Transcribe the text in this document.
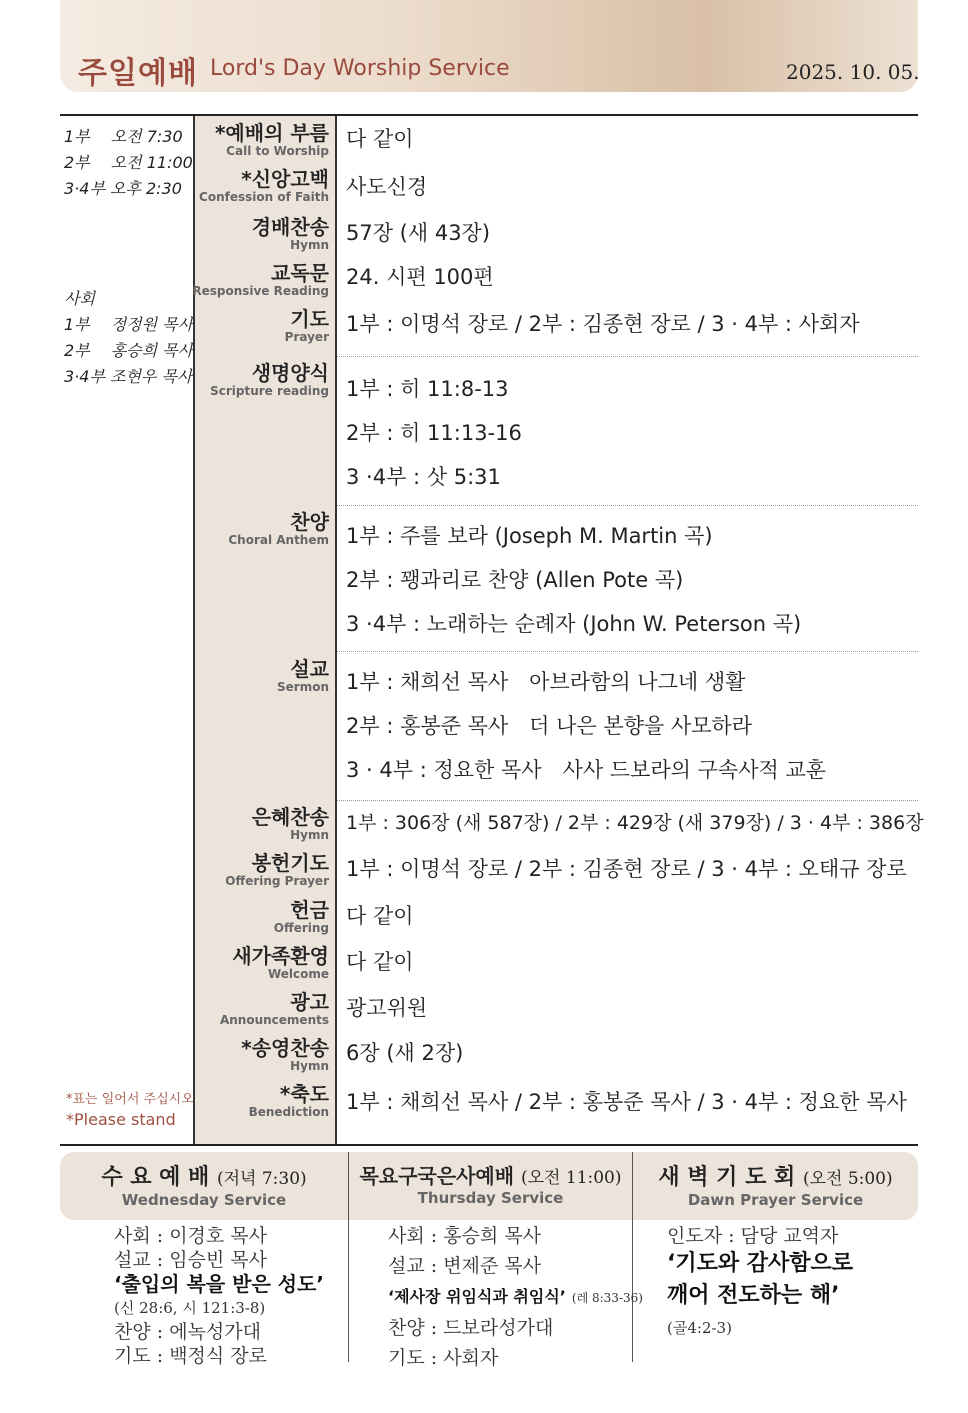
주일예배 Lord's Day Worship Service	2025. 10. 05.
1부　 오전 7:30
2부　 오전 11:00
3·4부 오후 2:30
사회
1부 　정정원 목사
2부 　홍승희 목사
3·4부 조현우 목사
*예배의 부름
Call to Worship 다 같이
*신앙고백
Confession of Faith 사도신경
경배찬송
Hymn 57장 (새 43장)
교독문
Responsive Reading
24. 시편 100편
기도
Prayer
1부 : 이명석 장로 / 2부 : 김종현 장로 / 3 · 4부 : 사회자
생명양식
Scripture reading 1부 : 히 11:8-13
2부 : 히 11:13-16
3 ·4부 : 삿 5:31
찬양
Choral Anthem 1부 : 주를 보라 (Joseph M. Martin 곡)
2부 : 꽹과리로 찬양 (Allen Pote 곡)
3 ·4부 : 노래하는 순례자 (John W. Peterson 곡)
설교
Sermon 1부 : 채희선 목사　아브라함의 나그네 생활
2부 : 홍봉준 목사　더 나은 본향을 사모하라
3 · 4부 : 정요한 목사　사사 드보라의 구속사적 교훈
은혜찬송
Hymn
1부 : 306장 (새 587장) / 2부 : 429장 (새 379장) / 3 · 4부 : 386장
봉헌기도
Offering Prayer 1부 : 이명석 장로 / 2부 : 김종현 장로 / 3 · 4부 : 오태규 장로
헌금
Offering 다 같이
새가족환영
Welcome 다 같이
광고
Announcements 광고위원
*송영찬송
Hymn
6장 (새 2장)
*축도
Benediction 1부 : 채희선 목사 / 2부 : 홍봉준 목사 / 3 · 4부 : 정요한 목사
*표는 일어서 주십시오
*Please stand
수 요 예 배 (저녁 7:30)
Wednesday Service
사회 : 이경호 목사
설교 : 임승빈 목사
‘출입의 복을 받은 성도’
(신 28:6, 시 121:3-8)
찬양 : 에녹성가대
기도 : 백정식 장로
목요구국은사예배 (오전 11:00)
Thursday Service
사회 : 홍승희 목사
설교 : 변제준 목사
‘제사장 위임식과 취임식’ (레 8:33-36)
찬양 : 드보라성가대
기도 : 사회자
새 벽 기 도 회 (오전 5:00)
Dawn Prayer Service
인도자 : 담당 교역자
‘기도와 감사함으로
깨어 전도하는 해’
(골4:2-3)
